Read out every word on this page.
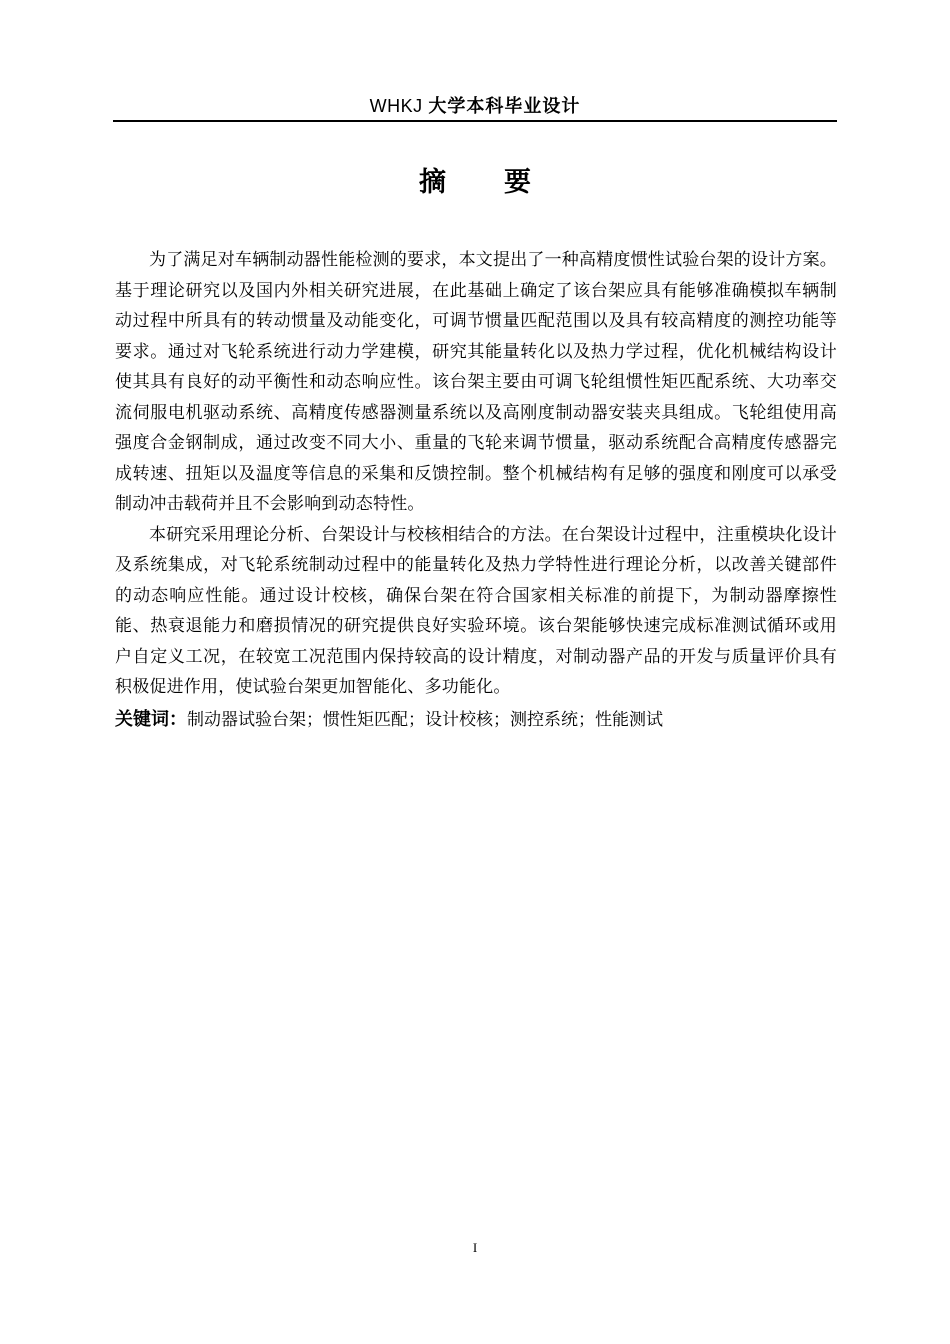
WHKJ 大学本科毕业设计
摘 要

为了满足对车辆制动器性能检测的要求，本文提出了一种高精度惯性试验台架的设计方案。基于理论研究以及国内外相关研究进展，在此基础上确定了该台架应具有能够准确模拟车辆制动过程中所具有的转动惯量及动能变化，可调节惯量匹配范围以及具有较高精度的测控功能等要求。通过对飞轮系统进行动力学建模，研究其能量转化以及热力学过程，优化机械结构设计使其具有良好的动平衡性和动态响应性。该台架主要由可调飞轮组惯性矩匹配系统、大功率交流伺服电机驱动系统、高精度传感器测量系统以及高刚度制动器安装夹具组成。飞轮组使用高强度合金钢制成，通过改变不同大小、重量的飞轮来调节惯量，驱动系统配合高精度传感器完成转速、扭矩以及温度等信息的采集和反馈控制。整个机械结构有足够的强度和刚度可以承受制动冲击载荷并且不会影响到动态特性。

本研究采用理论分析、台架设计与校核相结合的方法。在台架设计过程中，注重模块化设计及系统集成，对飞轮系统制动过程中的能量转化及热力学特性进行理论分析，以改善关键部件的动态响应性能。通过设计校核，确保台架在符合国家相关标准的前提下，为制动器摩擦性能、热衰退能力和磨损情况的研究提供良好实验环境。该台架能够快速完成标准测试循环或用户自定义工况，在较宽工况范围内保持较高的设计精度，对制动器产品的开发与质量评价具有积极促进作用，使试验台架更加智能化、多功能化。

关键词：制动器试验台架；惯性矩匹配；设计校核；测控系统；性能测试

I
